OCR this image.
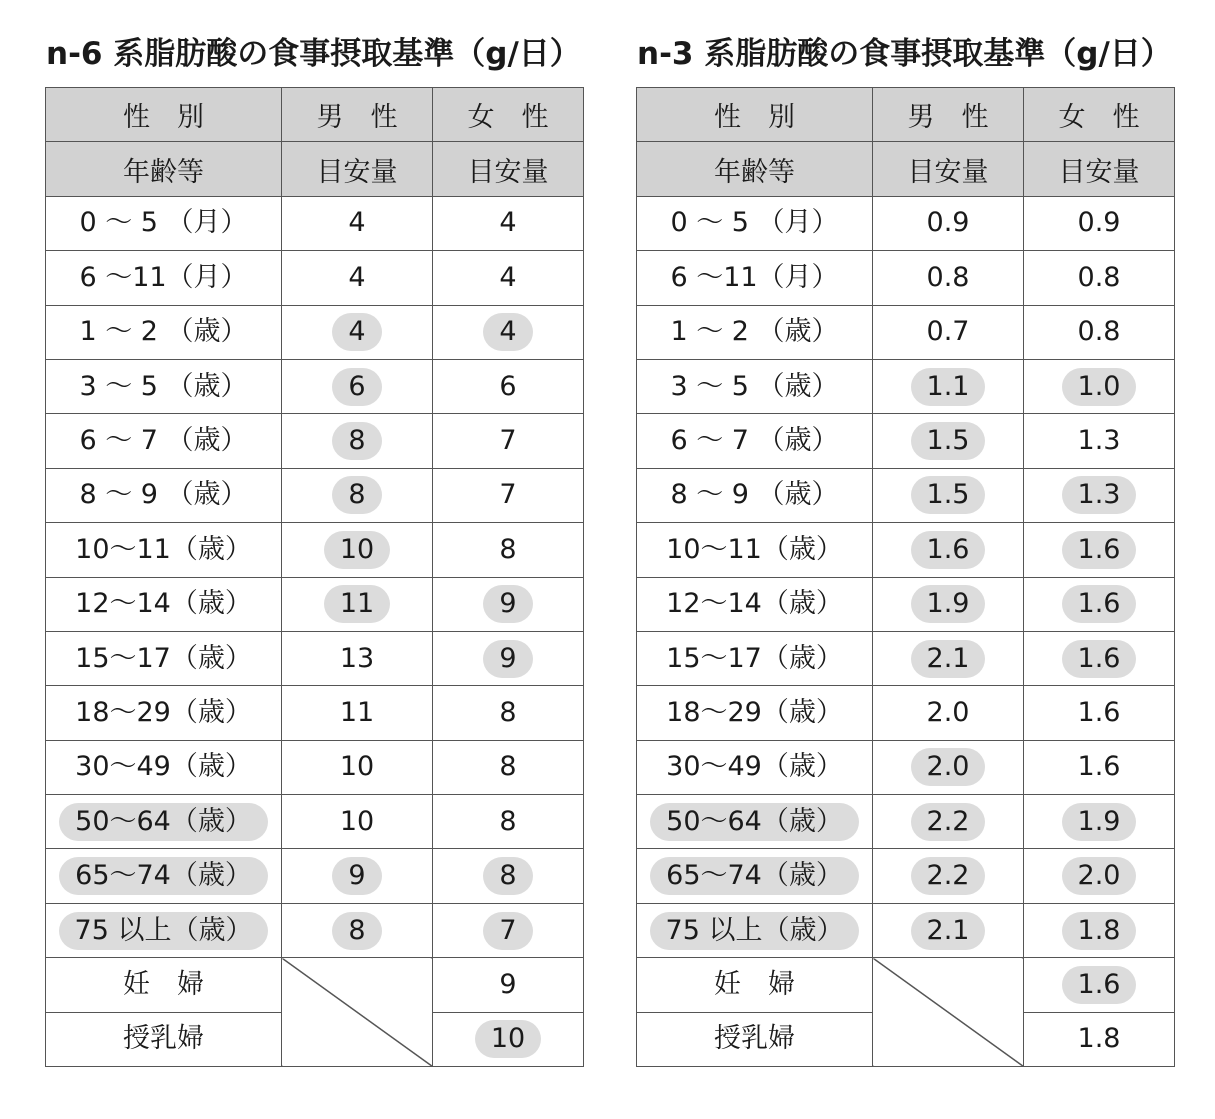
n-6 系脂肪酸の食事摂取基準（g/日）
性　別	男　性	女　性
年齢等	目安量	目安量
0 ～ 5 （月）	4	4
6 ～11（月）	4	4
1 ～ 2 （歳）	4	4
3 ～ 5 （歳）	6	6
6 ～ 7 （歳）	8	7
8 ～ 9 （歳）	8	7
10～11（歳）	10	8
12～14（歳）	11	9
15～17（歳）	13	9
18～29（歳）	11	8
30～49（歳）	10	8
50～64（歳）	10	8
65～74（歳）	9	8
75 以上（歳）	8	7
妊　婦		9
授乳婦		10
n-3 系脂肪酸の食事摂取基準（g/日）
性　別	男　性	女　性
年齢等	目安量	目安量
0 ～ 5 （月）	0.9	0.9
6 ～11（月）	0.8	0.8
1 ～ 2 （歳）	0.7	0.8
3 ～ 5 （歳）	1.1	1.0
6 ～ 7 （歳）	1.5	1.3
8 ～ 9 （歳）	1.5	1.3
10～11（歳）	1.6	1.6
12～14（歳）	1.9	1.6
15～17（歳）	2.1	1.6
18～29（歳）	2.0	1.6
30～49（歳）	2.0	1.6
50～64（歳）	2.2	1.9
65～74（歳）	2.2	2.0
75 以上（歳）	2.1	1.8
妊　婦		1.6
授乳婦		1.8
